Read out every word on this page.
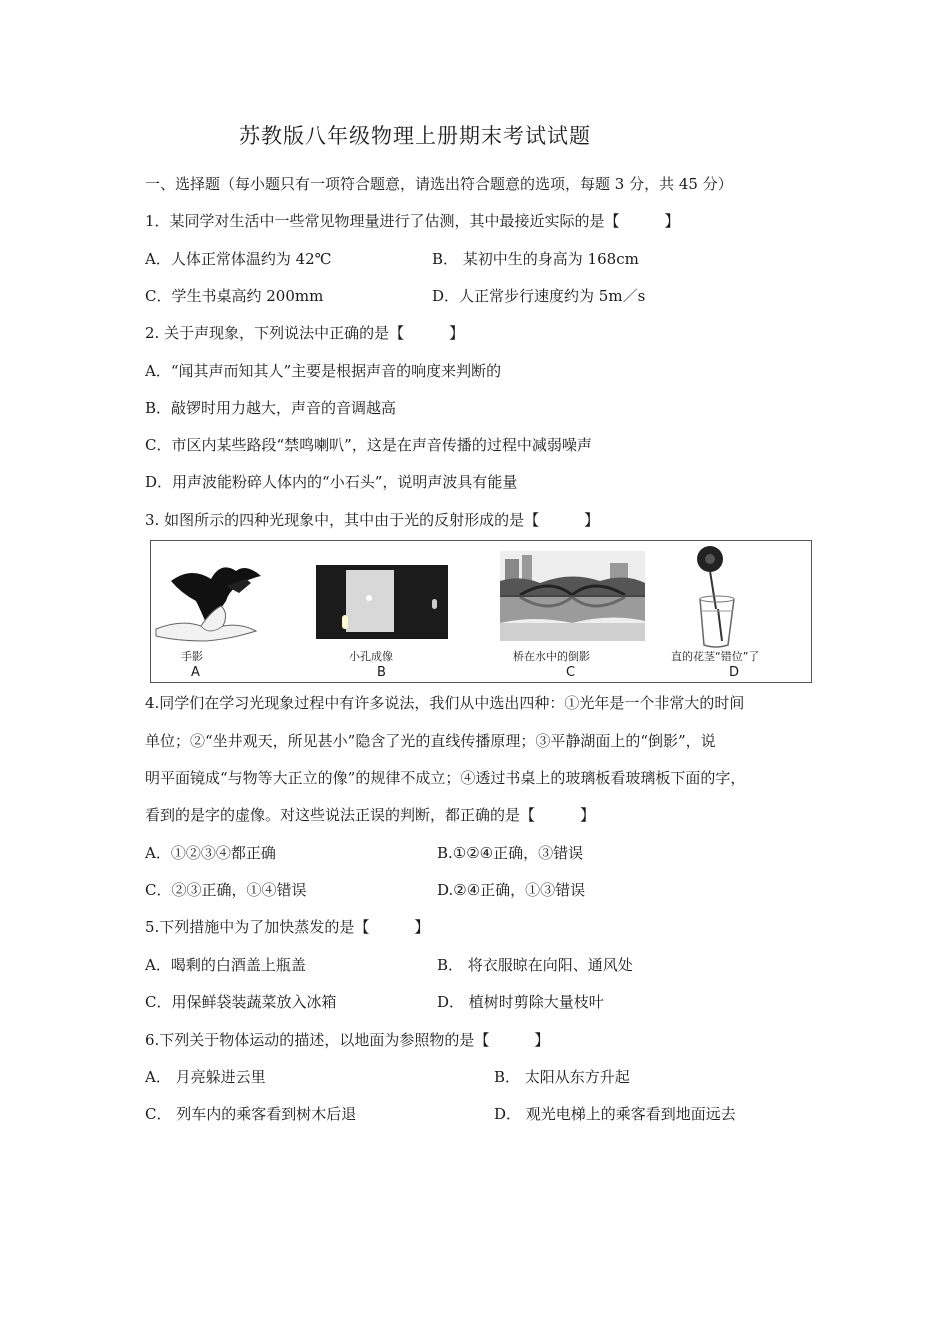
苏教版八年级物理上册期末考试试题
一、选择题（每小题只有一项符合题意，请选出符合题意的选项，每题 3 分，共 45 分）
1．某同学对生活中一些常见物理量进行了估测，其中最接近实际的是【　　　】
A．人体正常体温约为 42℃	B． 某初中生的身高为 168cm
C．学生书桌高约 200mm	D．人正常步行速度约为 5m／s
2. 关于声现象，下列说法中正确的是【　　　】
A．“闻其声而知其人”主要是根据声音的响度来判断的
B．敲锣时用力越大，声音的音调越高
C．市区内某些路段“禁鸣喇叭”，这是在声音传播的过程中减弱噪声
D．用声波能粉碎人体内的“小石头”，说明声波具有能量
3. 如图所示的四种光现象中，其中由于光的反射形成的是【　　　】
手影	小孔成像	桥在水中的倒影	直的花茎“错位”了
A	B	C	D
4.同学们在学习光现象过程中有许多说法，我们从中选出四种：①光年是一个非常大的时间
单位；②“坐井观天，所见甚小”隐含了光的直线传播原理；③平静湖面上的“倒影”，说
明平面镜成“与物等大正立的像”的规律不成立；④透过书桌上的玻璃板看玻璃板下面的字，
看到的是字的虚像。对这些说法正误的判断，都正确的是【　　　】
A．①②③④都正确	B.①②④正确，③错误
C．②③正确，①④错误	D.②④正确，①③错误
5.下列措施中为了加快蒸发的是【　　　】
A．喝剩的白酒盖上瓶盖	B． 将衣服晾在向阳、通风处
C．用保鲜袋装蔬菜放入冰箱	D． 植树时剪除大量枝叶
6.下列关于物体运动的描述，以地面为参照物的是【　　　】
A． 月亮躲进云里	B． 太阳从东方升起
C． 列车内的乘客看到树木后退	D． 观光电梯上的乘客看到地面远去
